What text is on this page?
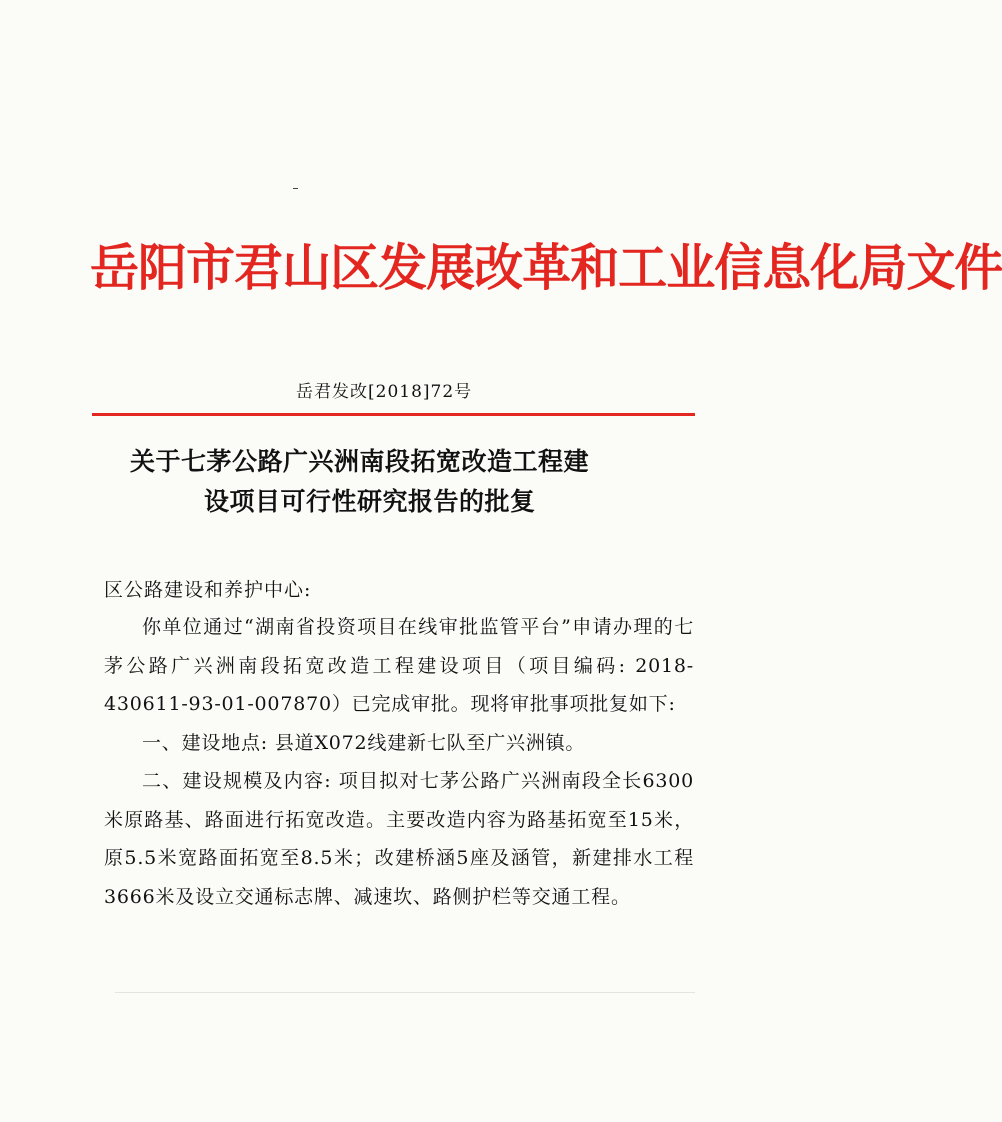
岳阳市君山区发展改革和工业信息化局文件
岳君发改[2018]72号
关于七茅公路广兴洲南段拓宽改造工程建
设项目可行性研究报告的批复
区公路建设和养护中心:

你单位通过“湖南省投资项目在线审批监管平台”申请办理的七茅公路广兴洲南段拓宽改造工程建设项目（项目编码: 2018-430611-93-01-007870）已完成审批。现将审批事项批复如下:

一、建设地点: 县道X072线建新七队至广兴洲镇。

二、建设规模及内容: 项目拟对七茅公路广兴洲南段全长6300米原路基、路面进行拓宽改造。主要改造内容为路基拓宽至15米，原5.5米宽路面拓宽至8.5米；改建桥涵5座及涵管，新建排水工程3666米及设立交通标志牌、减速坎、路侧护栏等交通工程。
